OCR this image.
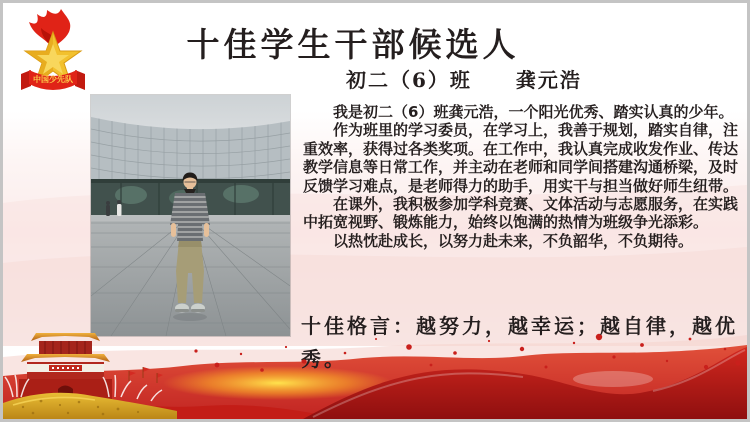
中国少先队
十佳学生干部候选人
初二（6）班　　龚元浩

我是初二（6）班龚元浩，一个阳光优秀、踏实认真的少年。

作为班里的学习委员，在学习上，我善于规划，踏实自律，注重效率，获得过各类奖项。在工作中，我认真完成收发作业、传达教学信息等日常工作，并主动在老师和同学间搭建沟通桥梁，及时反馈学习难点，是老师得力的助手，用实干与担当做好师生纽带。

在课外，我积极参加学科竞赛、文体活动与志愿服务，在实践中拓宽视野、锻炼能力，始终以饱满的热情为班级争光添彩。

以热忱赴成长，以努力赴未来，不负韶华，不负期待。

十佳格言：越努力，越幸运；越自律，越优秀。
